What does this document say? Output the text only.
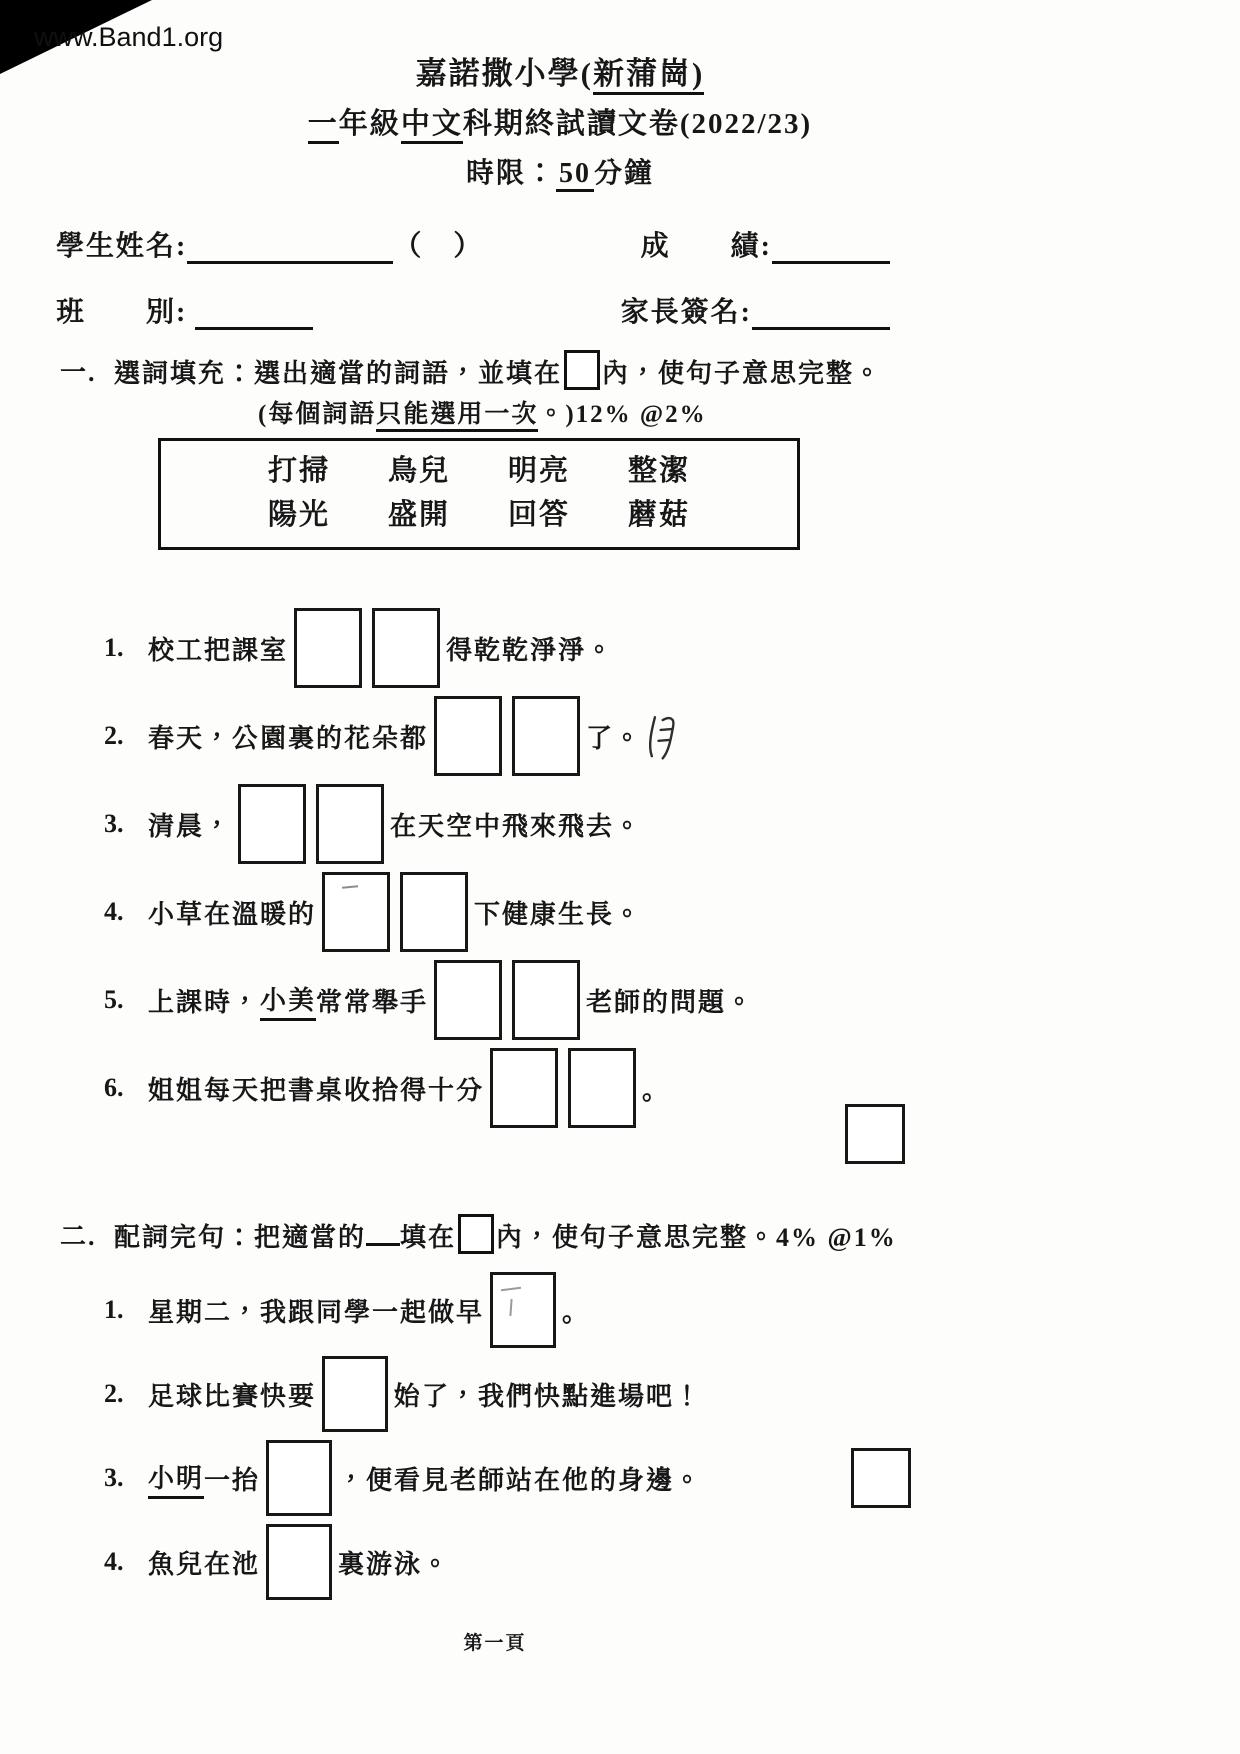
www.Band1.org
嘉諾撒小學(新蒲崗)
一年級中文科期終試讀文卷(2022/23)
時限： 50 分鐘
學生姓名:	（　）	成　　績:
班　　別:	家長簽名:
一. 選詞填充：選出適當的詞語，並填在 內，使句子意思完整。
(每個詞語只能選用一次。)12% @2%
打掃 鳥兒 明亮 整潔
陽光 盛開 回答 蘑菇
1. 校工把課室	得乾乾淨淨。
2. 春天，公園裏的花朵都	了。
3. 清晨，	在天空中飛來飛去。
4. 小草在溫暖的	下健康生長。
5. 上課時， 小美 常常舉手	老師的問題。
6. 姐姐每天把書桌收拾得十分	。
二. 配詞完句：把適當的 填在 內，使句子意思完整。4% @1%
1. 星期二，我跟同學一起做早	。
2. 足球比賽快要	始了，我們快點進場吧！
3. 小明 一抬	，便看見老師站在他的身邊。
4. 魚兒在池	裏游泳。
第一頁
